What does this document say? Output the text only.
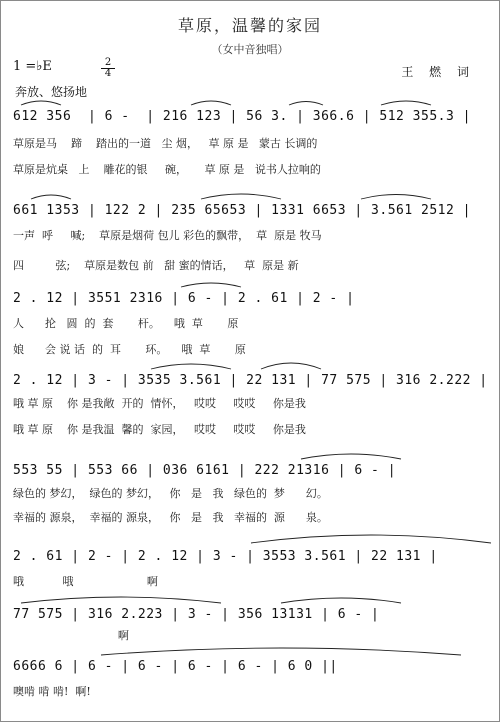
草原，温馨的家园
（女中音独唱）
1 =♭E	2
4	王 燃 词
奔放、悠扬地
612 356  | 6 -  | 216 123 | 56 3. | 366.6 | 512 355.3 |
草原是马    蹄    踏出的一道   尘 烟，   草 原 是   蒙古 长调的
草原是炕桌   上    雕花的银     碗，     草 原 是   说书人拉响的
661 1353 | 122 2 | 235 65653 | 1331 6653 | 3.561 2512 |
一声  呼     喊;    草原是烟荷 包儿 彩色的飘带，  草  原是 牧马
四         弦;    草原是数包 前   甜 蜜的情话，   草  原是 新
2 . 12 | 3551 2316 | 6 - | 2 . 61 | 2 - |
人      抡   圆  的  套       杆。    哦  草       原
娘      会 说 话  的  耳       环。    哦  草       原
2 . 12 | 3 - | 3535 3.561 | 22 131 | 77 575 | 316 2.222 |
哦 草 原    你 是我敞  开的  情怀，   哎哎     哎哎     你是我
哦 草 原    你 是我温  馨的  家园，   哎哎     哎哎     你是我
553 55 | 553 66 | 036 6161 | 222 21316 | 6 - |
绿色的 梦幻，  绿色的 梦幻，   你   是   我   绿色的  梦      幻。
幸福的 源泉，  幸福的 源泉，   你   是   我   幸福的  源      泉。
2 . 61 | 2 - | 2 . 12 | 3 - | 3553 3.561 | 22 131 |
哦           哦                     啊
77 575 | 316 2.223 | 3 - | 356 13131 | 6 - |
啊
6666 6 | 6 - | 6 - | 6 - | 6 - | 6 0 ||
噢啃 啃 啃!  啊!
